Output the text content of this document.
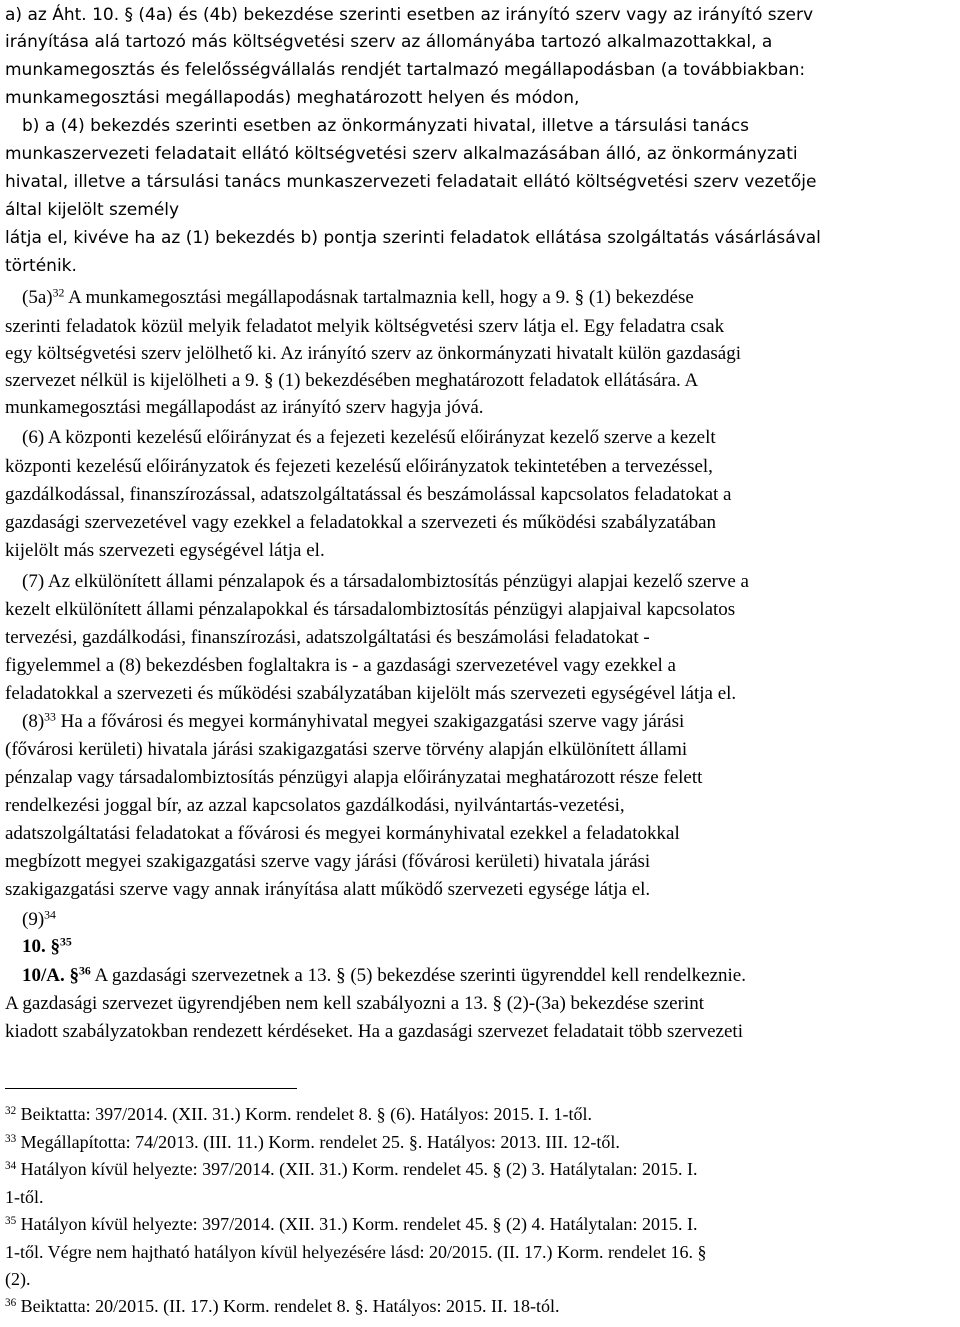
a) az Áht. 10. § (4a) és (4b) bekezdése szerinti esetben az irányító szerv vagy az irányító szerv
irányítása alá tartozó más költségvetési szerv az állományába tartozó alkalmazottakkal, a
munkamegosztás és felelősségvállalás rendjét tartalmazó megállapodásban (a továbbiakban:
munkamegosztási megállapodás) meghatározott helyen és módon,
b) a (4) bekezdés szerinti esetben az önkormányzati hivatal, illetve a társulási tanács
munkaszervezeti feladatait ellátó költségvetési szerv alkalmazásában álló, az önkormányzati
hivatal, illetve a társulási tanács munkaszervezeti feladatait ellátó költségvetési szerv vezetője
által kijelölt személy
látja el, kivéve ha az (1) bekezdés b) pontja szerinti feladatok ellátása szolgáltatás vásárlásával
történik.
$(5a)^{32}$ A munkamegosztási megállapodásnak tartalmaznia kell, hogy a 9. § (1) bekezdése
szerinti feladatok közül melyik feladatot melyik költségvetési szerv látja el. Egy feladatra csak
egy költségvetési szerv jelölhető ki. Az irányító szerv az önkormányzati hivatalt külön gazdasági
szervezet nélkül is kijelölheti a 9. § (1) bekezdésében meghatározott feladatok ellátására. A
munkamegosztási megállapodást az irányító szerv hagyja jóvá.
(6) A központi kezelésű előirányzat és a fejezeti kezelésű előirányzat kezelő szerve a kezelt
központi kezelésű előirányzatok és fejezeti kezelésű előirányzatok tekintetében a tervezéssel,
gazdálkodással, finanszírozással, adatszolgáltatással és beszámolással kapcsolatos feladatokat a
gazdasági szervezetével vagy ezekkel a feladatokkal a szervezeti és működési szabályzatában
kijelölt más szervezeti egységével látja el.
(7) Az elkülönített állami pénzalapok és a társadalombiztosítás pénzügyi alapjai kezelő szerve a
kezelt elkülönített állami pénzalapokkal és társadalombiztosítás pénzügyi alapjaival kapcsolatos
tervezési, gazdálkodási, finanszírozási, adatszolgáltatási és beszámolási feladatokat -
figyelemmel a (8) bekezdésben foglaltakra is - a gazdasági szervezetével vagy ezekkel a
feladatokkal a szervezeti és működési szabályzatában kijelölt más szervezeti egységével látja el.
$(8)^{33}$ Ha a fővárosi és megyei kormányhivatal megyei szakigazgatási szerve vagy járási
(fővárosi kerületi) hivatala járási szakigazgatási szerve törvény alapján elkülönített állami
pénzalap vagy társadalombiztosítás pénzügyi alapja előirányzatai meghatározott része felett
rendelkezési joggal bír, az azzal kapcsolatos gazdálkodási, nyilvántartás-vezetési,
adatszolgáltatási feladatokat a fővárosi és megyei kormányhivatal ezekkel a feladatokkal
megbízott megyei szakigazgatási szerve vagy járási (fővárosi kerületi) hivatala járási
szakigazgatási szerve vagy annak irányítása alatt működő szervezeti egysége látja el.
$(9)^{34}$
10. §$^{35}$
10/A. §$^{36}$ A gazdasági szervezetnek a 13. § (5) bekezdése szerinti ügyrenddel kell rendelkeznie.
A gazdasági szervezet ügyrendjében nem kell szabályozni a 13. § (2)-(3a) bekezdése szerint
kiadott szabályzatokban rendezett kérdéseket. Ha a gazdasági szervezet feladatait több szervezeti
$^{32}$ Beiktatta: 397/2014. (XII. 31.) Korm. rendelet 8. § (6). Hatályos: 2015. I. 1-től.
$^{33}$ Megállapította: 74/2013. (III. 11.) Korm. rendelet 25. §. Hatályos: 2013. III. 12-től.
$^{34}$ Hatályon kívül helyezte: 397/2014. (XII. 31.) Korm. rendelet 45. § (2) 3. Hatálytalan: 2015. I.
1-től.
$^{35}$ Hatályon kívül helyezte: 397/2014. (XII. 31.) Korm. rendelet 45. § (2) 4. Hatálytalan: 2015. I.
1-től. Végre nem hajtható hatályon kívül helyezésére lásd: 20/2015. (II. 17.) Korm. rendelet 16. §
(2).
$^{36}$ Beiktatta: 20/2015. (II. 17.) Korm. rendelet 8. §. Hatályos: 2015. II. 18-tól.
